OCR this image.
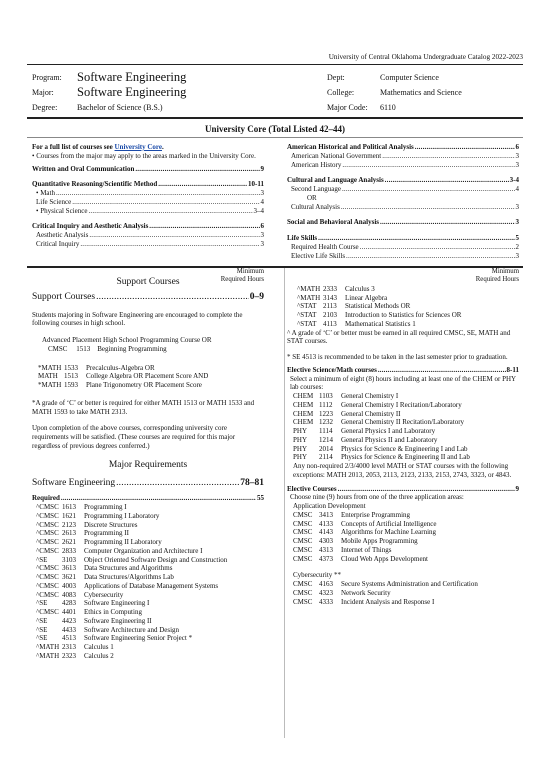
University of Central Oklahoma Undergraduate Catalog 2022-2023
Program: Software Engineering	Dept:	Computer Science
Major: Software Engineering	College:	Mathematics and Science
Degree: Bachelor of Science (B.S.)	Major Code: 6110
University Core (Total Listed 42–44)
For a full list of courses see University Core.
• Courses from the major may apply to the areas marked in the University Core.
Written and Oral Communication .....	9
Quantitative Reasoning/Scientific Method .....	10-11
• Math .....	3
Life Science .....	4
• Physical Science .....	3–4
Critical Inquiry and Aesthetic Analysis .....	6
Aesthetic Analysis .....	3
Critical Inquiry .....	3
American Historical and Political Analysis .....	6
American National Government .....	3
American History .....	3
Cultural and Language Analysis .....	3-4
Second Language .....	4
OR
Cultural Analysis .....	3
Social and Behavioral Analysis .....	3
Life Skills .....	5
Required Health Course .....	2
Elective Life Skills .....	3
Minimum
Required Hours
Support Courses
Support Courses .....	0–9
Students majoring in Software Engineering are encouraged to complete the following courses in high school.
Advanced Placement High School Programming Course OR
CMSC     1513    Beginning Programming
*MATH 1533	Precalculus-Algebra OR
MATH 1513	College Algebra OR Placement Score AND
*MATH 1593	Plane Trigonometry OR Placement Score
*A grade of ‘C’ or better is required for either MATH 1513 or MATH 1533 and MATH 1593 to take MATH 2313.
Upon completion of the above courses, corresponding university core requirements will be satisfied. (These courses are required for this major regardless of previous degrees conferred.)
Major Requirements
Software Engineering .....	78–81
Required .....	55
^CMSC 1613	Programming I
^CMSC 1621	Programming I Laboratory
^CMSC 2123	Discrete Structures
^CMSC 2613	Programming II
^CMSC 2621	Programming II Laboratory
^CMSC 2833	Computer Organization and Architecture I
^SE	3103	Object Oriented Software Design and Construction
^CMSC 3613	Data Structures and Algorithms
^CMSC 3621	Data Structures/Algorithms Lab
^CMSC 4003	Applications of Database Management Systems
^CMSC 4083	Cybersecurity
^SE	4283	Software Engineering I
^CMSC 4401	Ethics in Computing
^SE	4423	Software Engineering II
^SE	4433	Software Architecture and Design
^SE	4513	Software Engineering Senior Project *
^MATH 2313	Calculus 1
^MATH 2323	Calculus 2
Minimum
Required Hours
^MATH 2333	Calculus 3
^MATH 3143	Linear Algebra
^STAT 2113	Statistical Methods OR
^STAT 2103	Introduction to Statistics for Sciences OR
^STAT 4113	Mathematical Statistics 1
^ A grade of ‘C’ or better must be earned in all required CMSC, SE, MATH and STAT courses.
* SE 4513 is recommended to be taken in the last semester prior to graduation.
Elective Science/Math courses .....	8-11
Select a minimum of eight (8) hours including at least one of the CHEM or PHY lab courses:
CHEM 1103	General Chemistry I
CHEM 1112	General Chemistry I Recitation/Laboratory
CHEM 1223	General Chemistry II
CHEM 1232	General Chemistry II Recitation/Laboratory
PHY	1114	General Physics I and Laboratory
PHY	1214	General Physics II and Laboratory
PHY	2014	Physics for Science & Engineering I and Lab
PHY	2114	Physics for Science & Engineering II and Lab
Any non-required 2/3/4000 level MATH or STAT courses with the following exceptions: MATH 2013, 2053, 2113, 2123, 2133, 2153, 2743, 3323, or 4843.
Elective Courses .....	9
Choose nine (9) hours from one of the three application areas:
Application Development
CMSC 3413	Enterprise Programming
CMSC 4133	Concepts of Artificial Intelligence
CMSC 4143	Algorithms for Machine Learning
CMSC 4303	Mobile Apps Programming
CMSC 4313	Internet of Things
CMSC 4373	Cloud Web Apps Development
Cybersecurity **
CMSC 4163	Secure Systems Administration and Certification
CMSC 4323	Network Security
CMSC 4333	Incident Analysis and Response I
